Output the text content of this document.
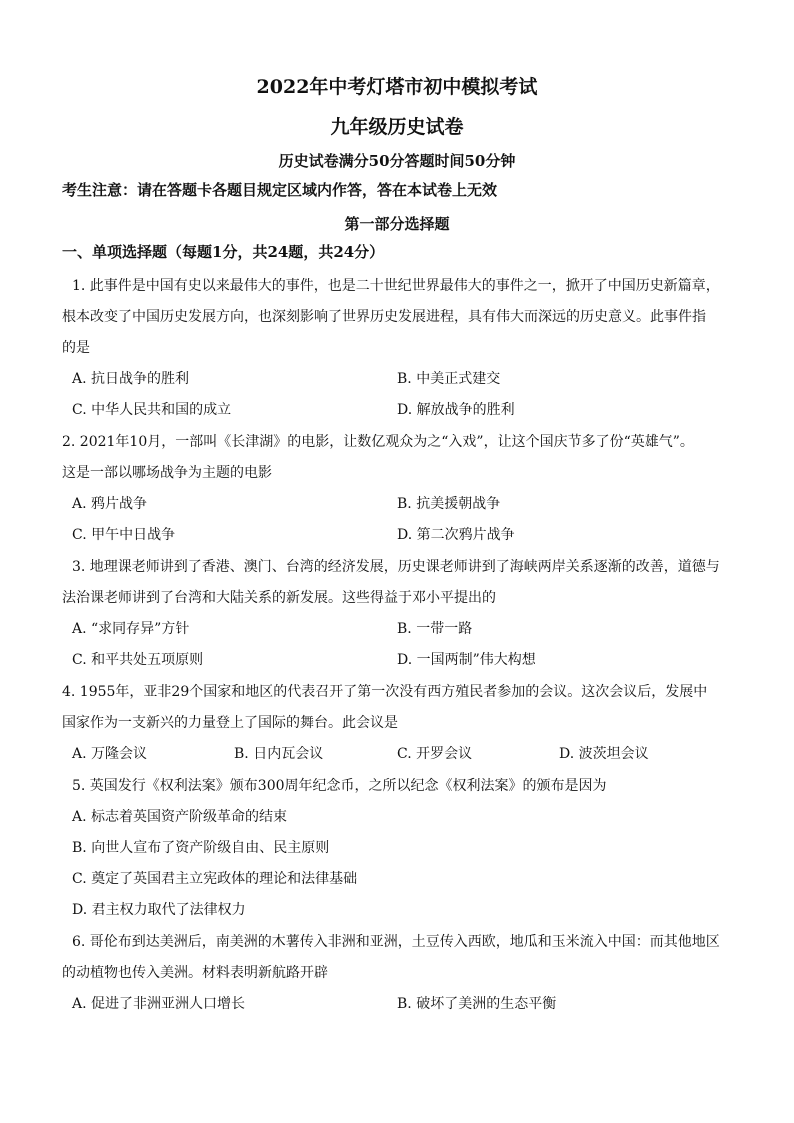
2022年中考灯塔市初中模拟考试
九年级历史试卷
历史试卷满分50分答题时间50分钟
考生注意：请在答题卡各题目规定区域内作答，答在本试卷上无效
第一部分选择题
一、单项选择题（每题1分，共24题，共24分）
1. 此事件是中国有史以来最伟大的事件，也是二十世纪世界最伟大的事件之一，掀开了中国历史新篇章，
根本改变了中国历史发展方向，也深刻影响了世界历史发展进程，具有伟大而深远的历史意义。此事件指
的是
A. 抗日战争的胜利	B. 中美正式建交
C. 中华人民共和国的成立	D. 解放战争的胜利
2. 2021年10月，一部叫《长津湖》的电影，让数亿观众为之“入戏”，让这个国庆节多了份“英雄气”。
这是一部以哪场战争为主题的电影
A. 鸦片战争	B. 抗美援朝战争
C. 甲午中日战争	D. 第二次鸦片战争
3. 地理课老师讲到了香港、澳门、台湾的经济发展，历史课老师讲到了海峡两岸关系逐渐的改善，道德与
法治课老师讲到了台湾和大陆关系的新发展。这些得益于邓小平提出的
A. “求同存异”方针	B. 一带一路
C. 和平共处五项原则	D. 一国两制”伟大构想
4. 1955年，亚非29个国家和地区的代表召开了第一次没有西方殖民者参加的会议。这次会议后，发展中
国家作为一支新兴的力量登上了国际的舞台。此会议是
A. 万隆会议	B. 日内瓦会议	C. 开罗会议	D. 波茨坦会议
5. 英国发行《权利法案》颁布300周年纪念币，之所以纪念《权利法案》的颁布是因为
A. 标志着英国资产阶级革命的结束
B. 向世人宣布了资产阶级自由、民主原则
C. 奠定了英国君主立宪政体的理论和法律基础
D. 君主权力取代了法律权力
6. 哥伦布到达美洲后，南美洲的木薯传入非洲和亚洲，土豆传入西欧，地瓜和玉米流入中国：而其他地区
的动植物也传入美洲。材料表明新航路开辟
A. 促进了非洲亚洲人口增长	B. 破坏了美洲的生态平衡
